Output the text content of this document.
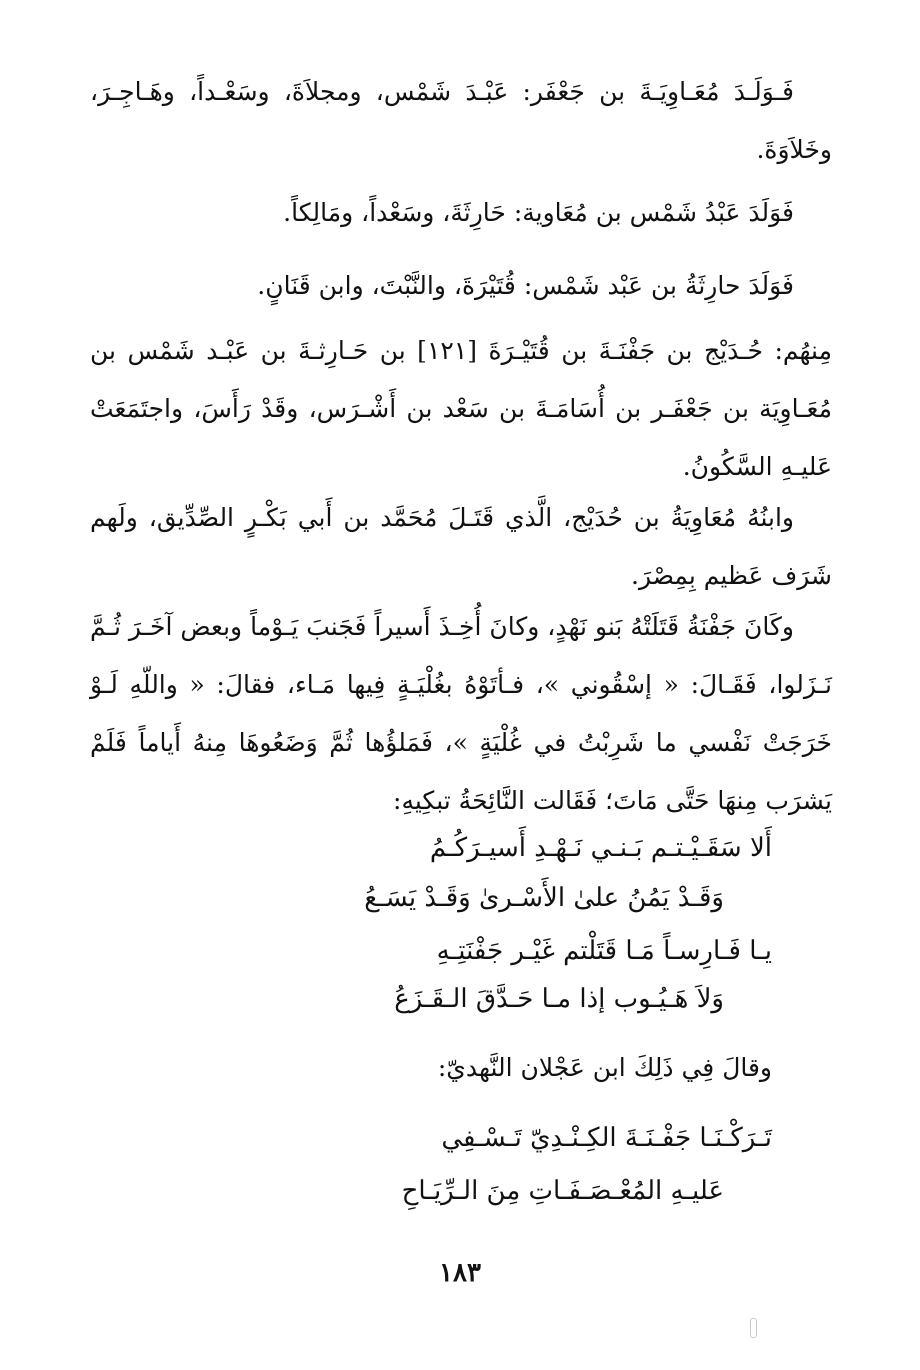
فَـوَلَـدَ مُعَـاوِيَـةَ بن جَعْفَر: عَبْـدَ شَمْس، ومجلاَةَ، وسَعْـداً، وهَـاجِـرَ، وخَلاَوَةَ.
فَوَلَدَ عَبْدُ شَمْس بن مُعَاوية: حَارِثَةَ، وسَعْداً، ومَالِكاً.
فَوَلَدَ حارِثَةُ بن عَبْد شَمْس: قُتَيْرَةَ، والنَّبْتَ، وابن قَنَانٍ.
مِنهُم: حُـدَيْج بن جَفْنَـةَ بن قُتَيْـرَةَ [١٢١] بن حَـارِثـةَ بن عَبْـد شَمْس بن مُعَـاوِيَة بن جَعْفَـر بن أُسَامَـةَ بن سَعْد بن أَشْـرَس، وقَدْ رَأَسَ، واجتَمَعَتْ عَليـهِ السَّكُونُ.
وابنُهُ مُعَاوِيَةُ بن حُدَيْج، الَّذي قَتَـلَ مُحَمَّد بن أَبي بَكْـرٍ الصِّدِّيق، ولَهم شَرَف عَظيم بِمِصْرَ.
وكَانَ جَفْنَةُ قَتَلَتْهُ بَنو نَهْدٍ، وكانَ أُخِـذَ أَسيراً فَجَنبَ يَـوْماً وبعض آخَـرَ ثُـمَّ نَـزَلوا، فَقَـالَ: « إسْقُوني »، فـأتَوْهُ بغُلْيَـةٍ فِيها مَـاء، فقالَ: « واللّهِ لَـوْ خَرَجَتْ نَفْسي ما شَرِبْتُ في غُلْيَةٍ »، فَمَلؤُها ثُمَّ وَضَعُوهَا مِنهُ أَياماً فَلَمْ يَشرَب مِنهَا حَتَّى مَاتَ؛ فَقَالت النَّائِحَةُ تبكِيهِ:
أَلا سَقَـيْـتـم بَـنـي نَـهْـدِ أَسيـرَكُـمُ
وَقَـدْ يَمُنُ علىٰ الأَسْـرىٰ وَقَـدْ يَسَـعُ
يـا فَـارِسـاً مَـا قَتَلْتم غَيْـر جَفْنَتِـهِ
وَلاَ هَـيُـوب إذا مـا حَـدَّقَ الـقَـزَعُ
وقالَ فِي ذَلِكَ ابن عَجْلان النَّهديّ:
تَـرَكْـنَـا جَفْـنَـةَ الكِـنْـدِيّ تَـسْـفِي
عَليـهِ المُعْـصَـفَـاتِ مِنَ الـرِّيَـاحِ
١٨٣
